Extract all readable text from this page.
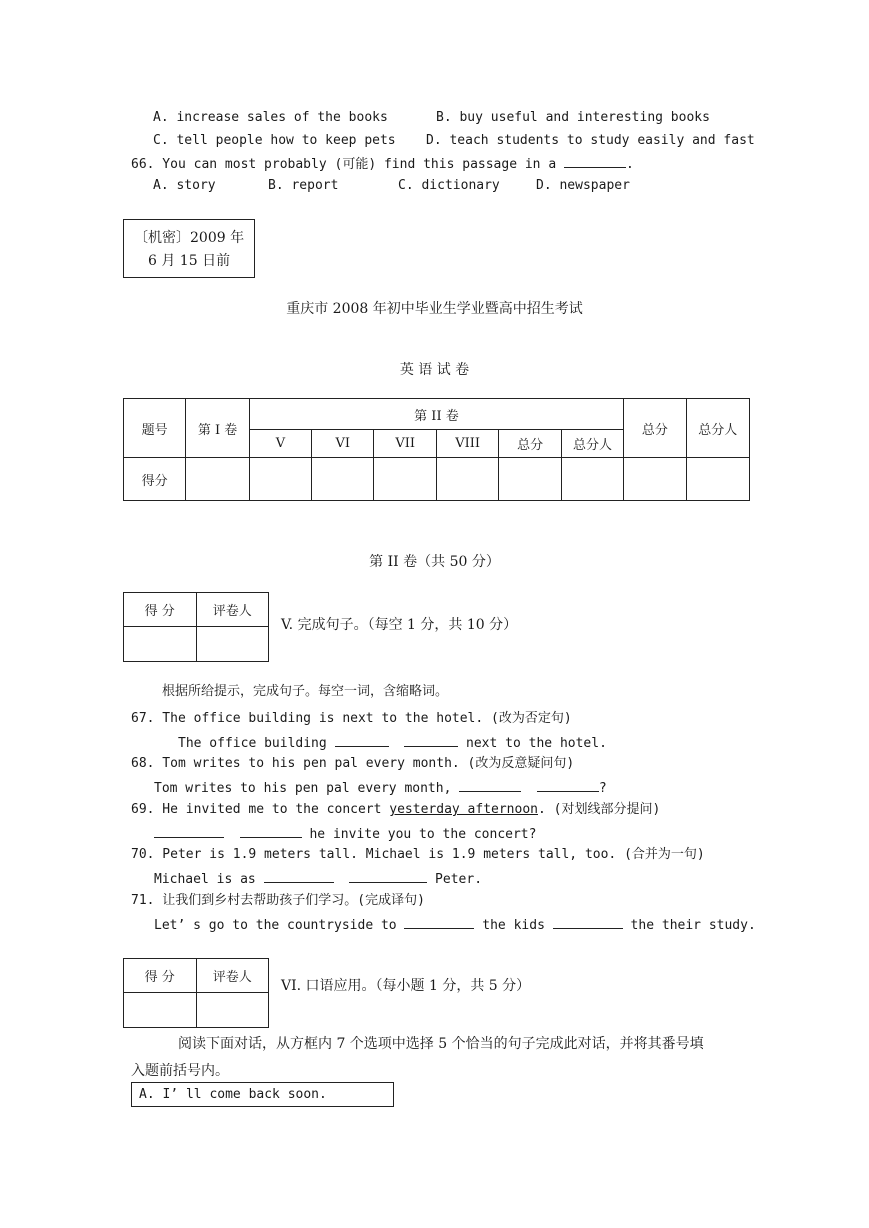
A. increase sales of the books	B. buy useful and interesting books
C. tell people how to keep pets D. teach students to study easily and fast
66. You can most probably (可能) find this passage in a	.
A. story	B. report	C. dictionary	D. newspaper
〔机密〕2009 年
6 月 15 日前
重庆市 2008 年初中毕业生学业暨高中招生考试
英 语 试 卷
题号	第 I 卷	第 II 卷						总分	总分人
		V	VI	VII	VIII	总分	总分人		
得分									
第 II 卷（共 50 分）
得 分	评卷人

V. 完成句子。（每空 1 分，共 10 分）
根据所给提示，完成句子。每空一词，含缩略词。
67. The office building is next to the hotel. (改为否定句)
The office building	next to the hotel.
68. Tom writes to his pen pal every month. (改为反意疑问句)
Tom writes to his pen pal every month,	?
69. He invited me to the concert yesterday afternoon. (对划线部分提问)
he invite you to the concert?
70. Peter is 1.9 meters tall. Michael is 1.9 meters tall, too. (合并为一句)
Michael is as	Peter.
71. 让我们到乡村去帮助孩子们学习。(完成译句)
Let’ s go to the countryside to	the kids	the their study.
得 分	评卷人

VI. 口语应用。（每小题 1 分，共 5 分）
阅读下面对话，从方框内 7 个选项中选择 5 个恰当的句子完成此对话，并将其番号填
入题前括号内。
A. I’ ll come back soon.
